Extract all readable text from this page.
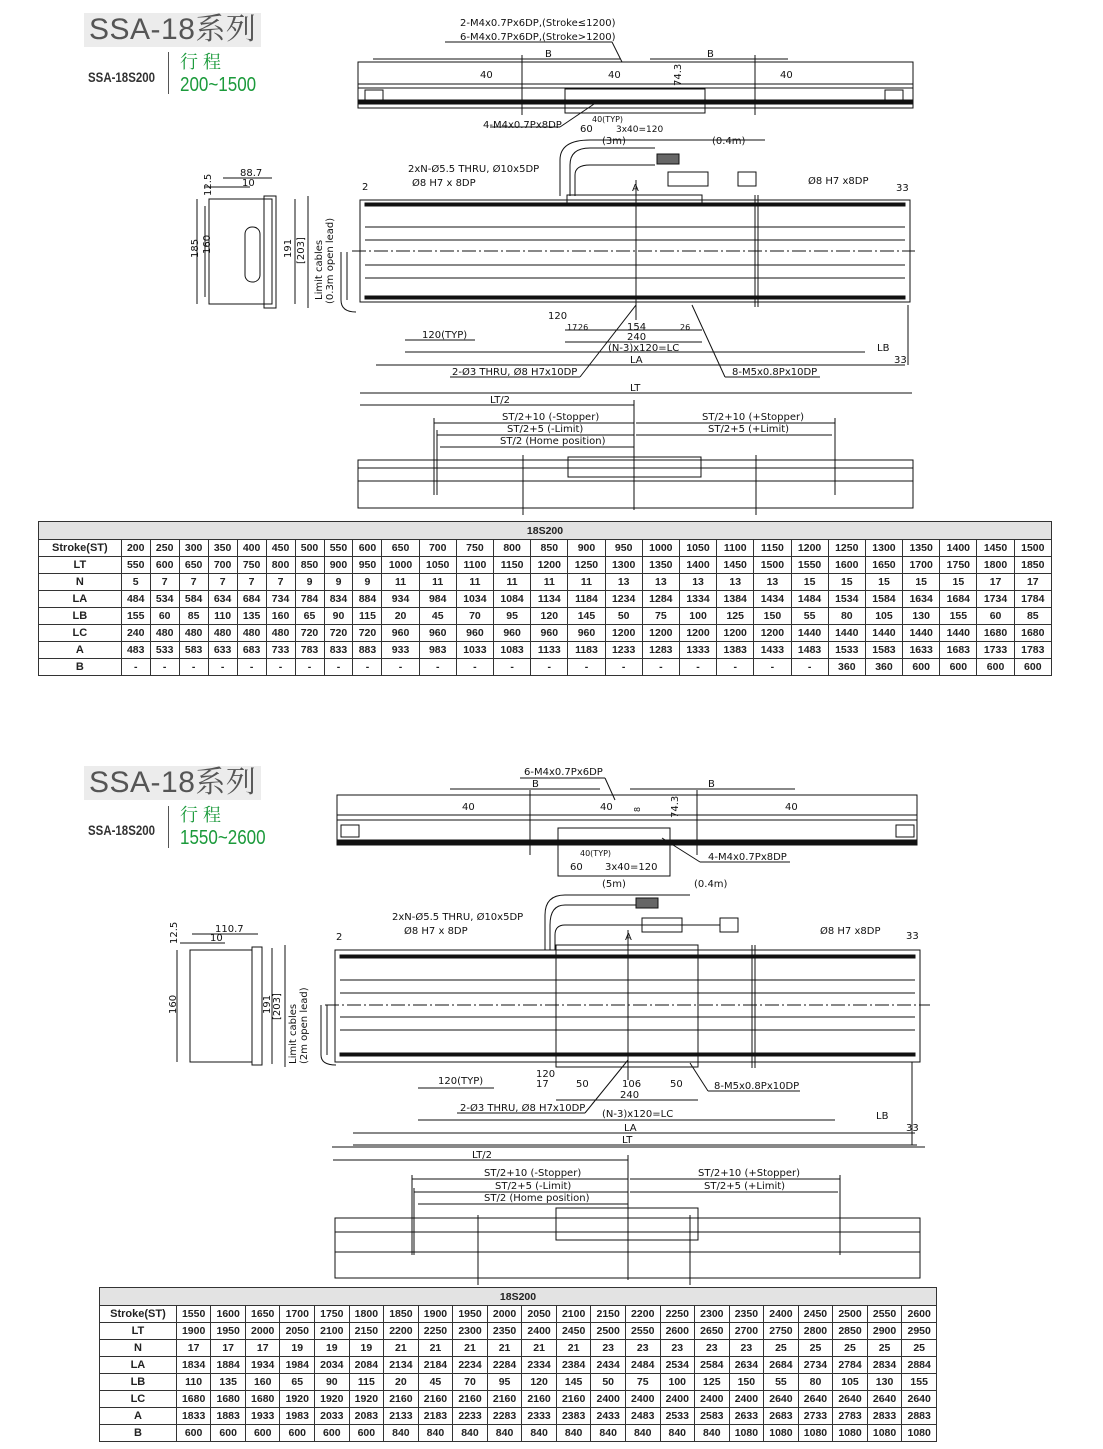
SSA-18系列
SSA-18S200
行 程
200~1500
2-M4x0.7Px6DP,(Stroke≤1200)
6-M4x0.7Px6DP,(Stroke>1200)
B	B
40	40	40
4-M4x0.7Px8DP
40(TYP)
60	3x40=120
(3m)	(0.4m)
88.7
10
2xN-Ø5.5 THRU, Ø10x5DP
Ø8 H7 x 8DP
2	A
Ø8 H7 x8DP
33
120
17 26	154	26
240
120(TYP)
(N-3)x120=LC	LB
LA	33
2-Ø3 THRU, Ø8 H7x10DP	8-M5x0.8Px10DP
LT
LT/2
ST/2+10 (-Stopper)
ST/2+5 (-Limit)
ST/2 (Home position)
ST/2+10 (+Stopper)
ST/2+5 (+Limit)
12.5
185 160	191 [203] Limit cables (0.3m open lead)
74.3
18S200																											
Stroke(ST)	200	250	300	350	400	450	500	550	600	650	700	750	800	850	900	950	1000	1050	1100	1150	1200	1250	1300	1350	1400	1450	1500
LT	550	600	650	700	750	800	850	900	950	1000	1050	1100	1150	1200	1250	1300	1350	1400	1450	1500	1550	1600	1650	1700	1750	1800	1850
N	5	7	7	7	7	7	9	9	9	11	11	11	11	11	11	13	13	13	13	13	15	15	15	15	15	17	17
LA	484	534	584	634	684	734	784	834	884	934	984	1034	1084	1134	1184	1234	1284	1334	1384	1434	1484	1534	1584	1634	1684	1734	1784
LB	155	60	85	110	135	160	65	90	115	20	45	70	95	120	145	50	75	100	125	150	55	80	105	130	155	60	85
LC	240	480	480	480	480	480	720	720	720	960	960	960	960	960	960	1200	1200	1200	1200	1200	1440	1440	1440	1440	1440	1680	1680
A	483	533	583	633	683	733	783	833	883	933	983	1033	1083	1133	1183	1233	1283	1333	1383	1433	1483	1533	1583	1633	1683	1733	1783
B	-	-	-	-	-	-	-	-	-	-	-	-	-	-	-	-	-	-	-	-	-	360	360	600	600	600	600
SSA-18系列
SSA-18S200
行 程
1550~2600
6-M4x0.7Px6DP
B	B
40	40	40
4-M4x0.7Px8DP
40(TYP)
60 3x40=120
(5m)	(0.4m)
110.7
10
2xN-Ø5.5 THRU, Ø10x5DP
Ø8 H7 x 8DP
2	A
Ø8 H7 x8DP	33
120
17	50	106	50
240
120(TYP)
2-Ø3 THRU, Ø8 H7x10DP
8-M5x0.8Px10DP
(N-3)x120=LC	LB
LA	33
LT
LT/2
ST/2+10 (-Stopper)
ST/2+5 (-Limit)
ST/2 (Home position)
ST/2+10 (+Stopper)
ST/2+5 (+Limit)
12.5
160	191 [203] Limit cables (2m open lead)
8	74.3
18S200																						
Stroke(ST)	1550	1600	1650	1700	1750	1800	1850	1900	1950	2000	2050	2100	2150	2200	2250	2300	2350	2400	2450	2500	2550	2600
LT	1900	1950	2000	2050	2100	2150	2200	2250	2300	2350	2400	2450	2500	2550	2600	2650	2700	2750	2800	2850	2900	2950
N	17	17	17	19	19	19	21	21	21	21	21	21	23	23	23	23	23	25	25	25	25	25
LA	1834	1884	1934	1984	2034	2084	2134	2184	2234	2284	2334	2384	2434	2484	2534	2584	2634	2684	2734	2784	2834	2884
LB	110	135	160	65	90	115	20	45	70	95	120	145	50	75	100	125	150	55	80	105	130	155
LC	1680	1680	1680	1920	1920	1920	2160	2160	2160	2160	2160	2160	2400	2400	2400	2400	2400	2640	2640	2640	2640	2640
A	1833	1883	1933	1983	2033	2083	2133	2183	2233	2283	2333	2383	2433	2483	2533	2583	2633	2683	2733	2783	2833	2883
B	600	600	600	600	600	600	840	840	840	840	840	840	840	840	840	840	1080	1080	1080	1080	1080	1080
